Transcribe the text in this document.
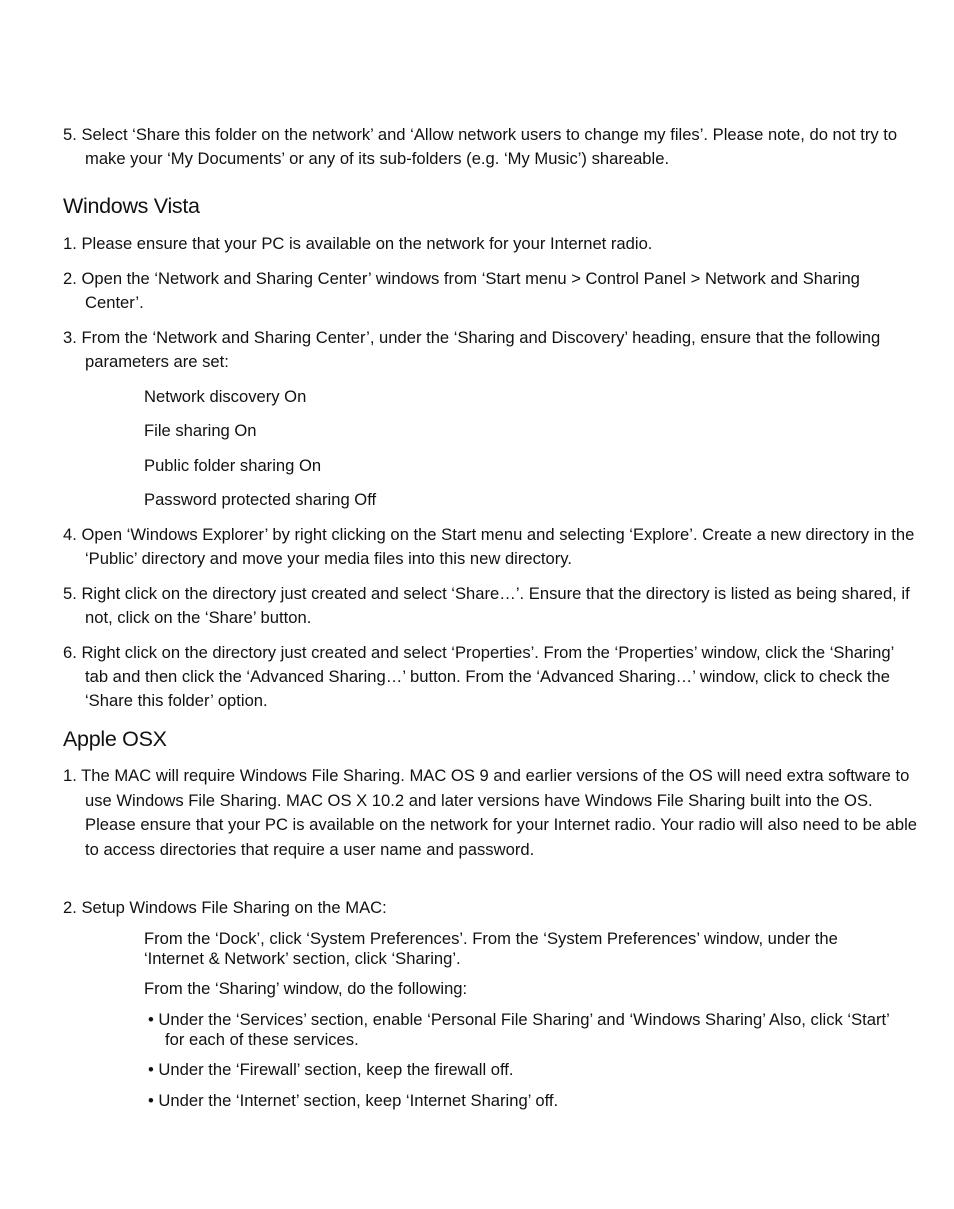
5. Select ‘Share this folder on the network’ and ‘Allow network users to change my files’. Please note, do not try to make your ‘My Documents’ or any of its sub-folders (e.g. ‘My Music’) shareable.

Windows Vista

1. Please ensure that your PC is available on the network for your Internet radio.

2. Open the ‘Network and Sharing Center’ windows from ‘Start menu > Control Panel > Network and Sharing Center’.

3. From the ‘Network and Sharing Center’, under the ‘Sharing and Discovery’ heading, ensure that the following parameters are set:

Network discovery On

File sharing On

Public folder sharing On

Password protected sharing Off

4. Open ‘Windows Explorer’ by right clicking on the Start menu and selecting ‘Explore’. Create a new directory in the ‘Public’ directory and move your media files into this new directory.

5. Right click on the directory just created and select ‘Share…’. Ensure that the directory is listed as being shared, if not, click on the ‘Share’ button.

6. Right click on the directory just created and select ‘Properties’. From the ‘Properties’ window, click the ‘Sharing’ tab and then click the ‘Advanced Sharing…’ button. From the ‘Advanced Sharing…’ window, click to check the ‘Share this folder’ option.

Apple OSX

1. The MAC will require Windows File Sharing. MAC OS 9 and earlier versions of the OS will need extra software to use Windows File Sharing. MAC OS X 10.2 and later versions have Windows File Sharing built into the OS. Please ensure that your PC is available on the network for your Internet radio. Your radio will also need to be able to access directories that require a user name and password.

2. Setup Windows File Sharing on the MAC:

From the ‘Dock’, click ‘System Preferences’. From the ‘System Preferences’ window, under the ‘Internet & Network’ section, click ‘Sharing’.

From the ‘Sharing’ window, do the following:

• Under the ‘Services’ section, enable ‘Personal File Sharing’ and ‘Windows Sharing’ Also, click ‘Start’ for each of these services.

• Under the ‘Firewall’ section, keep the firewall off.

• Under the ‘Internet’ section, keep ‘Internet Sharing’ off.
